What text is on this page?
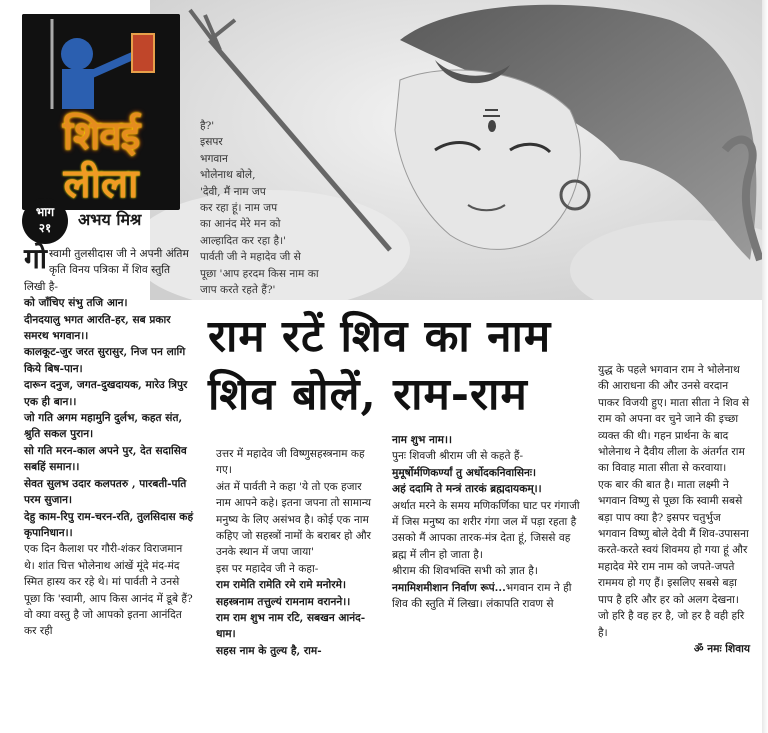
शिवई
लीला
भाग
२१	अभय मिश्र
है?'
इसपर
भगवान
भोलेनाथ बोले,
'देवी, मैं नाम जप
कर रहा हूं। नाम जप
का आनंद मेरे मन को
आल्हादित कर रहा है।'
पार्वती जी ने महादेव जी से
पूछा 'आप हरदम किस नाम का
जाप करते रहते हैं?'
राम रटें शिव का नाम
शिव बोलें, राम-राम

गोस्वामी तुलसीदास जी ने अपनी अंतिम कृति विनय पत्रिका में शिव स्तुति लिखी है-

को जाँचिए संभु तजि आन।

दीनदयालु भगत आरति-हर, सब प्रकार समरथ भगवान।।

कालकूट-जुर जरत सुरासुर, निज पन लागि किये बिष-पान।

दारून दनुज, जगत-दुखदायक, मारेउ त्रिपुर एक ही बान।।

जो गति अगम महामुनि दुर्लभ, कहत संत, श्रुति सकल पुरान।

सो गति मरन-काल अपने पुर, देत सदासिव सबहिं समान।।

सेवत सुलभ उदार कलपतरु , पारबती-पति परम सुजान।

देहु काम-रिपु राम-चरन-रति, तुलसिदास कहं कृपानिधान।।

एक दिन कैलाश पर गौरी-शंकर विराजमान थे। शांत चित्त भोलेनाथ आंखें मूंदे मंद-मंद स्मित हास्य कर रहे थे। मां पार्वती ने उनसे पूछा कि 'स्वामी, आप किस आनंद में डूबे हैं? वो क्या वस्तु है जो आपको इतना आनंदित कर रही

उत्तर में महादेव जी विष्णुसहस्त्रनाम कह गए।

अंत में पार्वती ने कहा 'ये तो एक हजार नाम आपने कहे। इतना जपना तो सामान्य मनुष्य के लिए असंभव है। कोई एक नाम कहिए जो सहस्त्रों नामों के बराबर हो और उनके स्थान में जपा जाया'

इस पर महादेव जी ने कहा-

राम रामेति रामेति रमे रामे मनोरमे।

सहस्त्रनाम तत्तुल्यं रामनाम वरानने।।

राम राम शुभ नाम रटि, सबखन आनंद-धाम।

सहस नाम के तुल्य है, राम-

नाम शुभ नाम।।

पुनः शिवजी श्रीराम जी से कहते हैं-

मुमूर्षोर्मणिकर्ण्यां तु अर्धोदकनिवासिनः।

अहं ददामि ते मन्त्रं तारकं ब्रह्मदायकम्।।

अर्थात मरने के समय मणिकर्णिका घाट पर गंगाजी में जिस मनुष्य का शरीर गंगा जल में पड़ा रहता है उसको मैं आपका तारक-मंत्र देता हूं, जिससे वह ब्रह्म में लीन हो जाता है।

श्रीराम की शिवभक्ति सभी को ज्ञात है। नमामिशमीशान निर्वाण रूपं...भगवान राम ने ही शिव की स्तुति में लिखा। लंकापति रावण से

युद्ध के पहले भगवान राम ने भोलेनाथ की आराधना की और उनसे वरदान पाकर विजयी हुए। माता सीता ने शिव से राम को अपना वर चुने जाने की इच्छा व्यक्त की थी। गहन प्रार्थना के बाद भोलेनाथ ने दैवीय लीला के अंतर्गत राम का विवाह माता सीता से करवाया।

एक बार की बात है। माता लक्ष्मी ने भगवान विष्णु से पूछा कि स्वामी सबसे बड़ा पाप क्या है? इसपर चतुर्भुज भगवान विष्णु बोले देवी मैं शिव-उपासना करते-करते स्वयं शिवमय हो गया हूं और महादेव मेरे राम नाम को जपते-जपते राममय हो गए हैं। इसलिए सबसे बड़ा पाप है हरि और हर को अलग देखना। जो हरि है वह हर है, जो हर है वही हरि है।

ॐ नमः शिवाय
